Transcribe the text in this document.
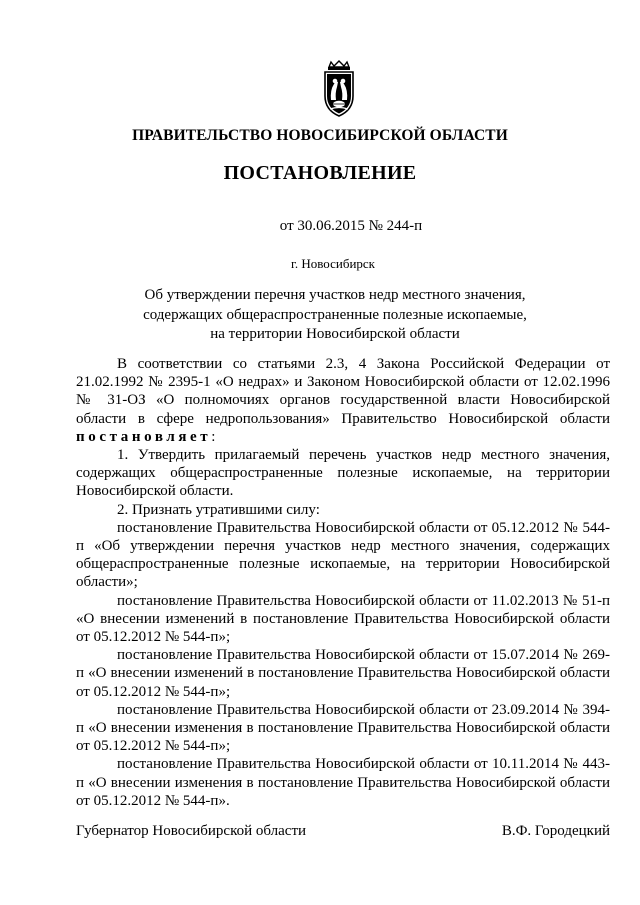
ПРАВИТЕЛЬСТВО НОВОСИБИРСКОЙ ОБЛАСТИ
ПОСТАНОВЛЕНИЕ
от 30.06.2015 № 244-п
г. Новосибирск
Об утверждении перечня участков недр местного значения,
содержащих общераспространенные полезные ископаемые,
на территории Новосибирской области

В соответствии со статьями 2.3, 4 Закона Российской Федерации от 21.02.1992 № 2395-1 «О недрах» и Законом Новосибирской области от 12.02.1996 № 31-ОЗ «О полномочиях органов государственной власти Новосибирской области в сфере недропользования» Правительство Новосибирской области постановляет:

1. Утвердить прилагаемый перечень участков недр местного значения, содержащих общераспространенные полезные ископаемые, на территории Новосибирской области.

2. Признать утратившими силу:

постановление Правительства Новосибирской области от 05.12.2012 № 544-п «Об утверждении перечня участков недр местного значения, содержащих общераспространенные полезные ископаемые, на территории Новосибирской области»;

постановление Правительства Новосибирской области от 11.02.2013 № 51-п «О внесении изменений в постановление Правительства Новосибирской области от 05.12.2012 № 544-п»;

постановление Правительства Новосибирской области от 15.07.2014 № 269-п «О внесении изменений в постановление Правительства Новосибирской области от 05.12.2012 № 544-п»;

постановление Правительства Новосибирской области от 23.09.2014 № 394-п «О внесении изменения в постановление Правительства Новосибирской области от 05.12.2012 № 544-п»;

постановление Правительства Новосибирской области от 10.11.2014 № 443-п «О внесении изменения в постановление Правительства Новосибирской области от 05.12.2012 № 544-п».

Губернатор Новосибирской области	В.Ф. Городецкий
